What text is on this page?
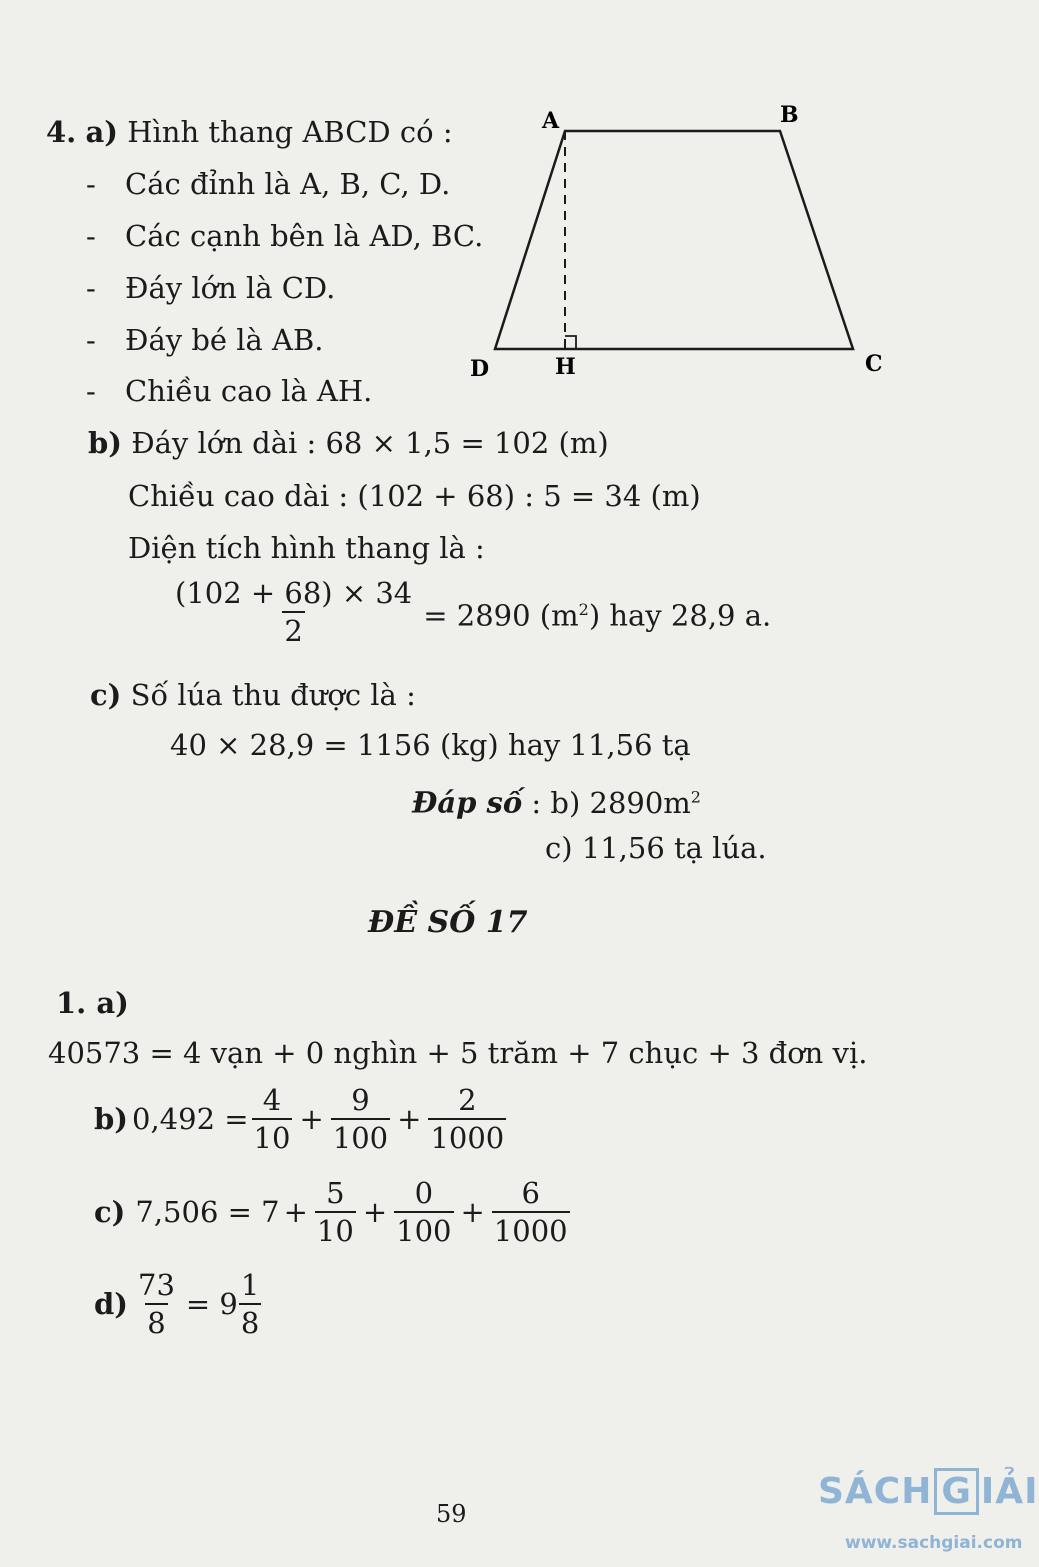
4. a) Hình thang ABCD có :
- Các đỉnh là A, B, C, D.
- Các cạnh bên là AD, BC.
- Đáy lớn là CD.
- Đáy bé là AB.
- Chiều cao là AH.
A	B
C
D	H
b) Đáy lớn dài : 68 × 1,5 = 102 (m)
Chiều cao dài : (102 + 68) : 5 = 34 (m)
Diện tích hình thang là :
$\frac{(102 + 68) \times 34}{2} = 2890$ $(m^2)$ hay 28,9 a.
c) Số lúa thu được là :
40 × 28,9 = 1156 (kg) hay 11,56 tạ
Đáp số : b) $2890m^2$
c) 11,56 tạ lúa.
ĐỀ SỐ 17
1. a)
40573 = 4 vạn + 0 nghìn + 5 trăm + 7 chục + 3 đơn vị.
b) $0,492 = \frac{4}{10} + \frac{9}{100} + \frac{2}{1000}$
c) $7,506 = 7 + \frac{5}{10} + \frac{0}{100} + \frac{6}{1000}$
$d) \frac{73}{8} = 9 \frac{1}{8}$
59
SÁCH G IẢI
www.sachgiai.com
